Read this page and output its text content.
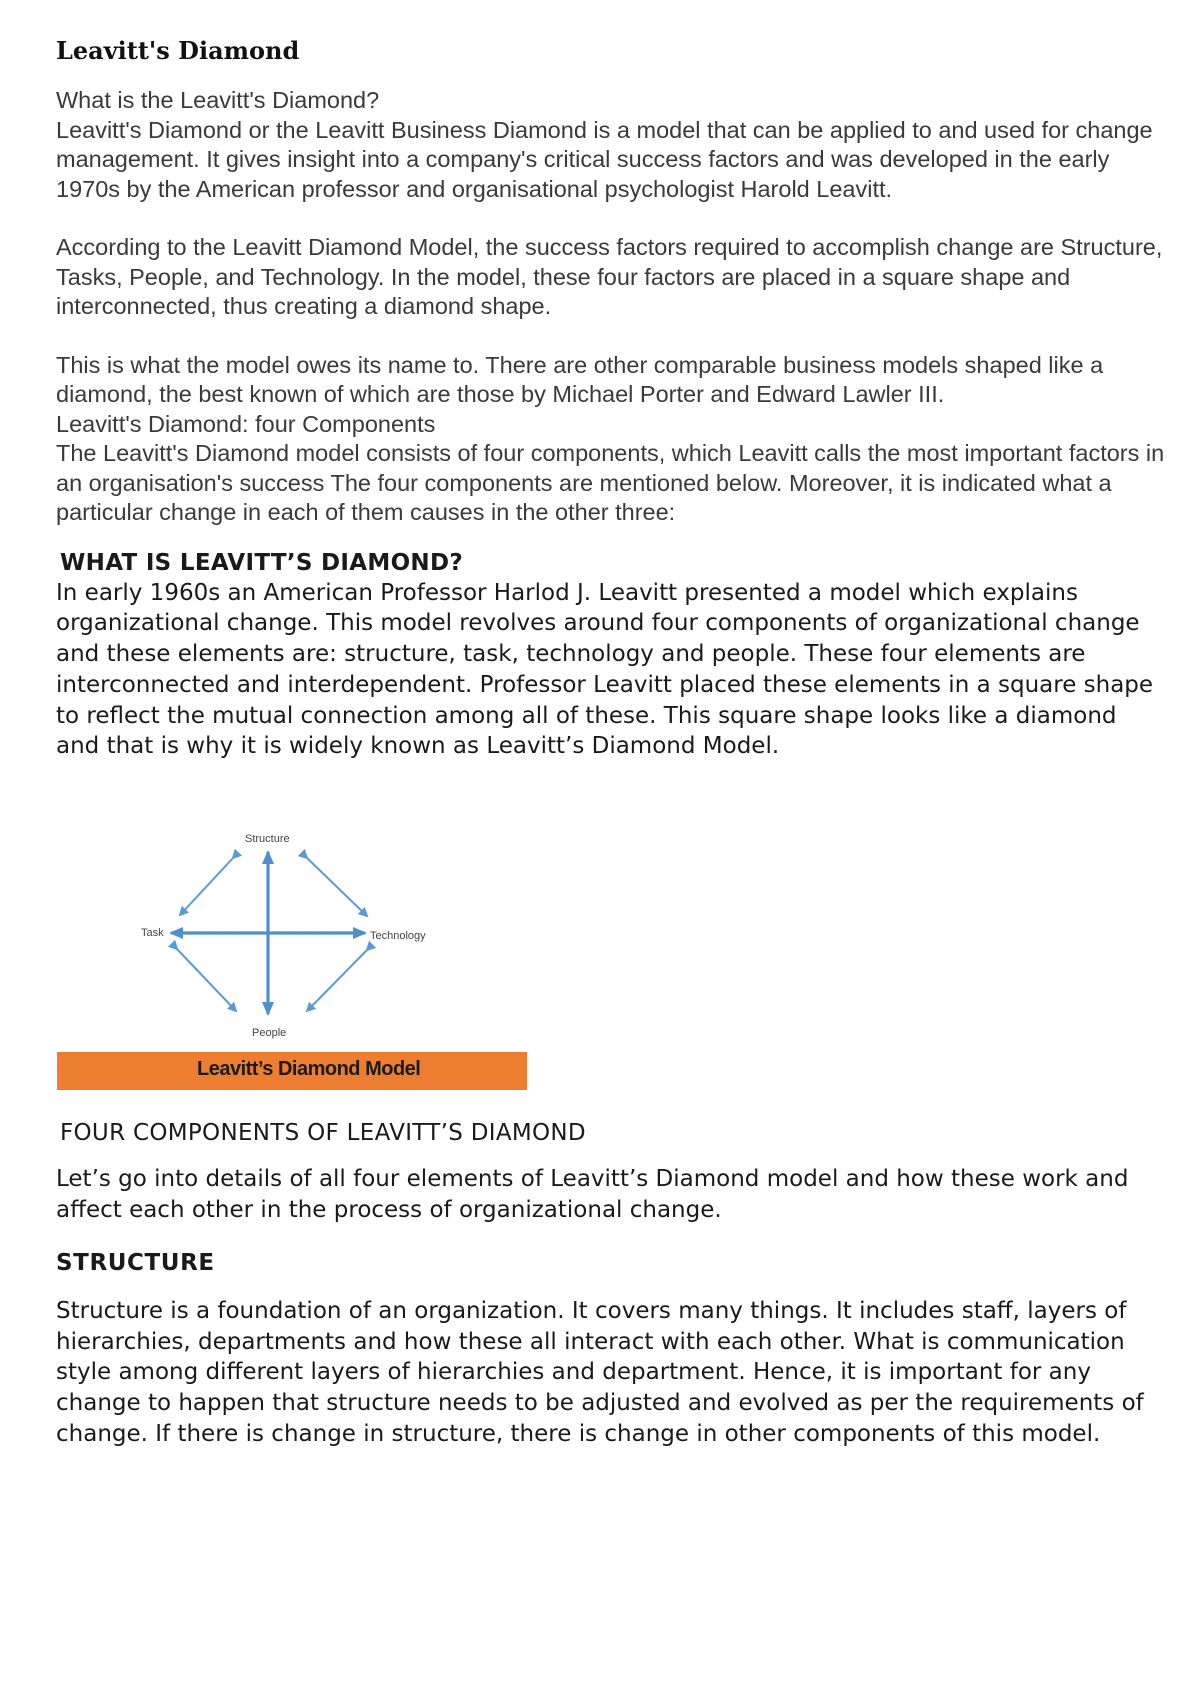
Leavitt's Diamond

What is the Leavitt's Diamond?

Leavitt's Diamond or the Leavitt Business Diamond is a model that can be applied to and used for change management. It gives insight into a company's critical success factors and was developed in the early 1970s by the American professor and organisational psychologist Harold Leavitt.

According to the Leavitt Diamond Model, the success factors required to accomplish change are Structure, Tasks, People, and Technology. In the model, these four factors are placed in a square shape and interconnected, thus creating a diamond shape.

This is what the model owes its name to. There are other comparable business models shaped like a diamond, the best known of which are those by Michael Porter and Edward Lawler III.

Leavitt's Diamond: four Components

The Leavitt's Diamond model consists of four components, which Leavitt calls the most important factors in an organisation's success The four components are mentioned below. Moreover, it is indicated what a particular change in each of them causes in the other three:

WHAT IS LEAVITT’S DIAMOND?

In early 1960s an American Professor Harlod J. Leavitt presented a model which explains organizational change. This model revolves around four components of organizational change and these elements are: structure, task, technology and people. These four elements are interconnected and interdependent. Professor Leavitt placed these elements in a square shape to reflect the mutual connection among all of these. This square shape looks like a diamond and that is why it is widely known as Leavitt’s Diamond Model.

Structure
Task	Technology
People
Leavitt’s Diamond Model

FOUR COMPONENTS OF LEAVITT’S DIAMOND

Let’s go into details of all four elements of Leavitt’s Diamond model and how these work and affect each other in the process of organizational change.

STRUCTURE

Structure is a foundation of an organization. It covers many things. It includes staff, layers of hierarchies, departments and how these all interact with each other. What is communication style among different layers of hierarchies and department. Hence, it is important for any change to happen that structure needs to be adjusted and evolved as per the requirements of change. If there is change in structure, there is change in other components of this model.
